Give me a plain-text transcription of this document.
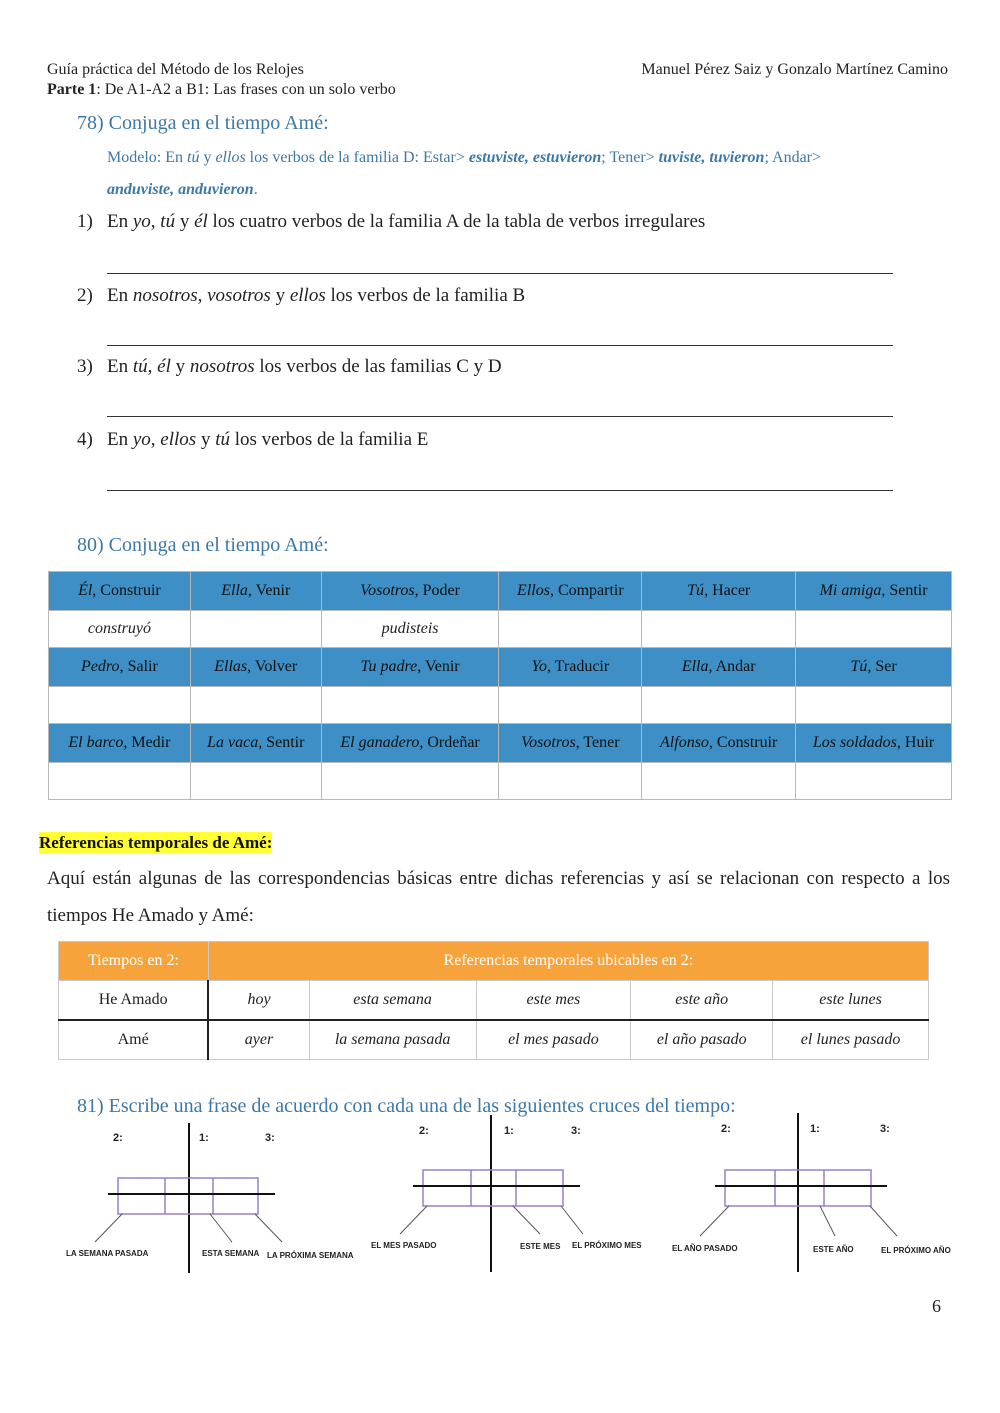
Guía práctica del Método de los Relojes	Manuel Pérez Saiz y Gonzalo Martínez Camino
Parte 1: De A1-A2 a B1: Las frases con un solo verbo
78) Conjuga en el tiempo Amé:
Modelo: En tú y ellos los verbos de la familia D: Estar> estuviste, estuvieron; Tener> tuviste, tuvieron; Andar>
anduviste, anduvieron.
1) En yo, tú y él los cuatro verbos de la familia A de la tabla de verbos irregulares
2) En nosotros, vosotros y ellos los verbos de la familia B
3) En tú, él y nosotros los verbos de las familias C y D
4) En yo, ellos y tú los verbos de la familia E
80) Conjuga en el tiempo Amé:
Él, Construir	Ella, Venir	Vosotros, Poder	Ellos, Compartir	Tú, Hacer	Mi amiga, Sentir
construyó		pudisteis			
Pedro, Salir	Ellas, Volver	Tu padre, Venir	Yo, Traducir	Ella, Andar	Tú, Ser

El barco, Medir	La vaca, Sentir	El ganadero, Ordeñar	Vosotros, Tener	Alfonso, Construir	Los soldados, Huir

Referencias temporales de Amé:
Aquí están algunas de las correspondencias básicas entre dichas referencias y así se relacionan con respecto a los tiempos He Amado y Amé:
Tiempos en 2:	Referencias temporales ubicables en 2:				
He Amado	hoy	esta semana	este mes	este año	este lunes
Amé	ayer	la semana pasada	el mes pasado	el año pasado	el lunes pasado
81) Escribe una frase de acuerdo con cada una de las siguientes cruces del tiempo:
2:	1:	3:
LA SEMANA PASADA	ESTA SEMANA LA PRÓXIMA SEMANA
2:	1:	3:
EL MES PASADO	ESTE MES EL PRÓXIMO MES
2:	1:	3:
EL AÑO PASADO	ESTE AÑO	EL PRÓXIMO AÑO
6
